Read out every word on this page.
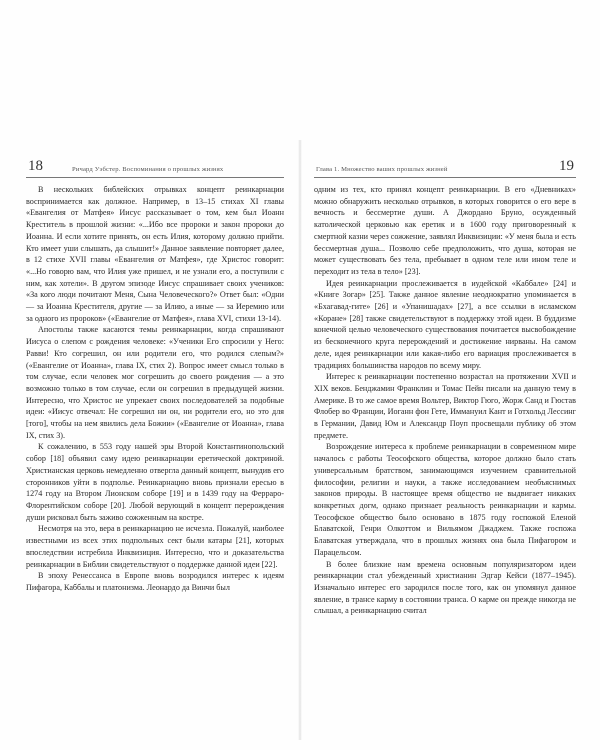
18	Ричард Уэбстер. Воспоминания о прошлых жизнях

В нескольких библейских отрывках концепт реинкарнации воспринимается как должное. Например, в 13–15 стихах XI главы «Евангелия от Матфея» Иисус рассказывает о том, кем был Иоанн Креститель в прошлой жизни: «...Ибо все пророки и закон пророки до Иоанна. И если хотите принять, он есть Илия, которому должно прийти. Кто имеет уши слышать, да слышит!» Данное заявление повторяет далее, в 12 стихе XVII главы «Евангелия от Матфея», где Христос говорит: «...Но говорю вам, что Илия уже пришел, и не узнали его, а поступили с ним, как хотели». В другом эпизоде Иисус спрашивает своих учеников: «За кого люди почитают Меня, Сына Человеческого?» Ответ был: «Одни — за Иоанна Крестителя, другие — за Илию, а иные — за Иеремию или за одного из пророков» («Евангелие от Матфея», глава XVI, стихи 13-14).

Апостолы также касаются темы реинкарнации, когда спрашивают Иисуса о слепом с рождения человеке: «Ученики Его спросили у Него: Равви! Кто согрешил, он или родители его, что родился слепым?» («Евангелие от Иоанна», глава IX, стих 2). Вопрос имеет смысл только в том случае, если человек мог согрешить до своего рождения — а это возможно только в том случае, если он согрешил в предыдущей жизни. Интересно, что Христос не упрекает своих последователей за подобные идеи: «Иисус отвечал: Не согрешил ни он, ни родители его, но это для [того], чтобы на нем явились дела Божии» («Евангелие от Иоанна», глава IX, стих 3).

К сожалению, в 553 году нашей эры Второй Константинопольский собор [18] объявил саму идею реинкарнации еретической доктриной. Христианская церковь немедленно отвергла данный концепт, вынудив его сторонников уйти в подполье. Реинкарнацию вновь признали ересью в 1274 году на Втором Лионском соборе [19] и в 1439 году на Ферраро-Флорентийском соборе [20]. Любой верующий в концепт перерождения души рисковал быть заживо сожженным на костре.

Несмотря на это, вера в реинкарнацию не исчезла. Пожалуй, наиболее известными из всех этих подпольных сект были катары [21], которых впоследствии истребила Инквизиция. Интересно, что и доказательства реинкарнации в Библии свидетельствуют о поддержке данной идеи [22].

В эпоху Ренессанса в Европе вновь возродился интерес к идеям Пифагора, Каббалы и платонизма. Леонардо да Винчи был

Глава 1. Множество ваших прошлых жизней	19

одним из тех, кто принял концепт реинкарнации. В его «Дневниках» можно обнаружить несколько отрывков, в которых говорится о его вере в вечность и бессмертие души. А Джордано Бруно, осужденный католической церковью как еретик и в 1600 году приговоренный к смертной казни через сожжение, заявлял Инквизиции: «У меня была и есть бессмертная душа... Позволю себе предположить, что душа, которая не может существовать без тела, пребывает в одном теле или ином теле и переходит из тела в тело» [23].

Идея реинкарнации прослеживается в иудейской «Каббале» [24] и «Книге Зогар» [25]. Также данное явление неоднократно упоминается в «Бхагавад-гите» [26] и «Упанишадах» [27], а все ссылки в исламском «Коране» [28] также свидетельствуют в поддержку этой идеи. В буддизме конечной целью человеческого существования почитается высвобождение из бесконечного круга перерождений и достижение нирваны. На самом деле, идея реинкарнации или какая-либо его вариация прослеживается в традициях большинства народов по всему миру.

Интерес к реинкарнации постепенно возрастал на протяжении XVII и XIX веков. Бенджамин Франклин и Томас Пейн писали на данную тему в Америке. В то же самое время Вольтер, Виктор Гюго, Жорж Санд и Гюстав Флобер во Франции, Иоганн фон Гете, Иммануил Кант и Готхольд Лессинг в Германии, Давид Юм и Александр Поуп просвещали публику об этом предмете.

Возрождение интереса к проблеме реинкарнации в современном мире началось с работы Теософского общества, которое должно было стать универсальным братством, занимающимся изучением сравнительной философии, религии и науки, а также исследованием необъяснимых законов природы. В настоящее время общество не выдвигает никаких конкретных догм, однако признает реальность реинкарнации и кармы. Теософское общество было основано в 1875 году госпожой Еленой Блаватской, Генри Олкоттом и Вильямом Джаджем. Также госпожа Блаватская утверждала, что в прошлых жизнях она была Пифагором и Парацельсом.

В более близкие нам времена основным популяризатором идеи реинкарнации стал убежденный христианин Эдгар Кейси (1877–1945). Изначально интерес его зародился после того, как он упомянул данное явление, в трансе карму в состоянии транса. О карме он прежде никогда не слышал, а реинкарнацию считал
